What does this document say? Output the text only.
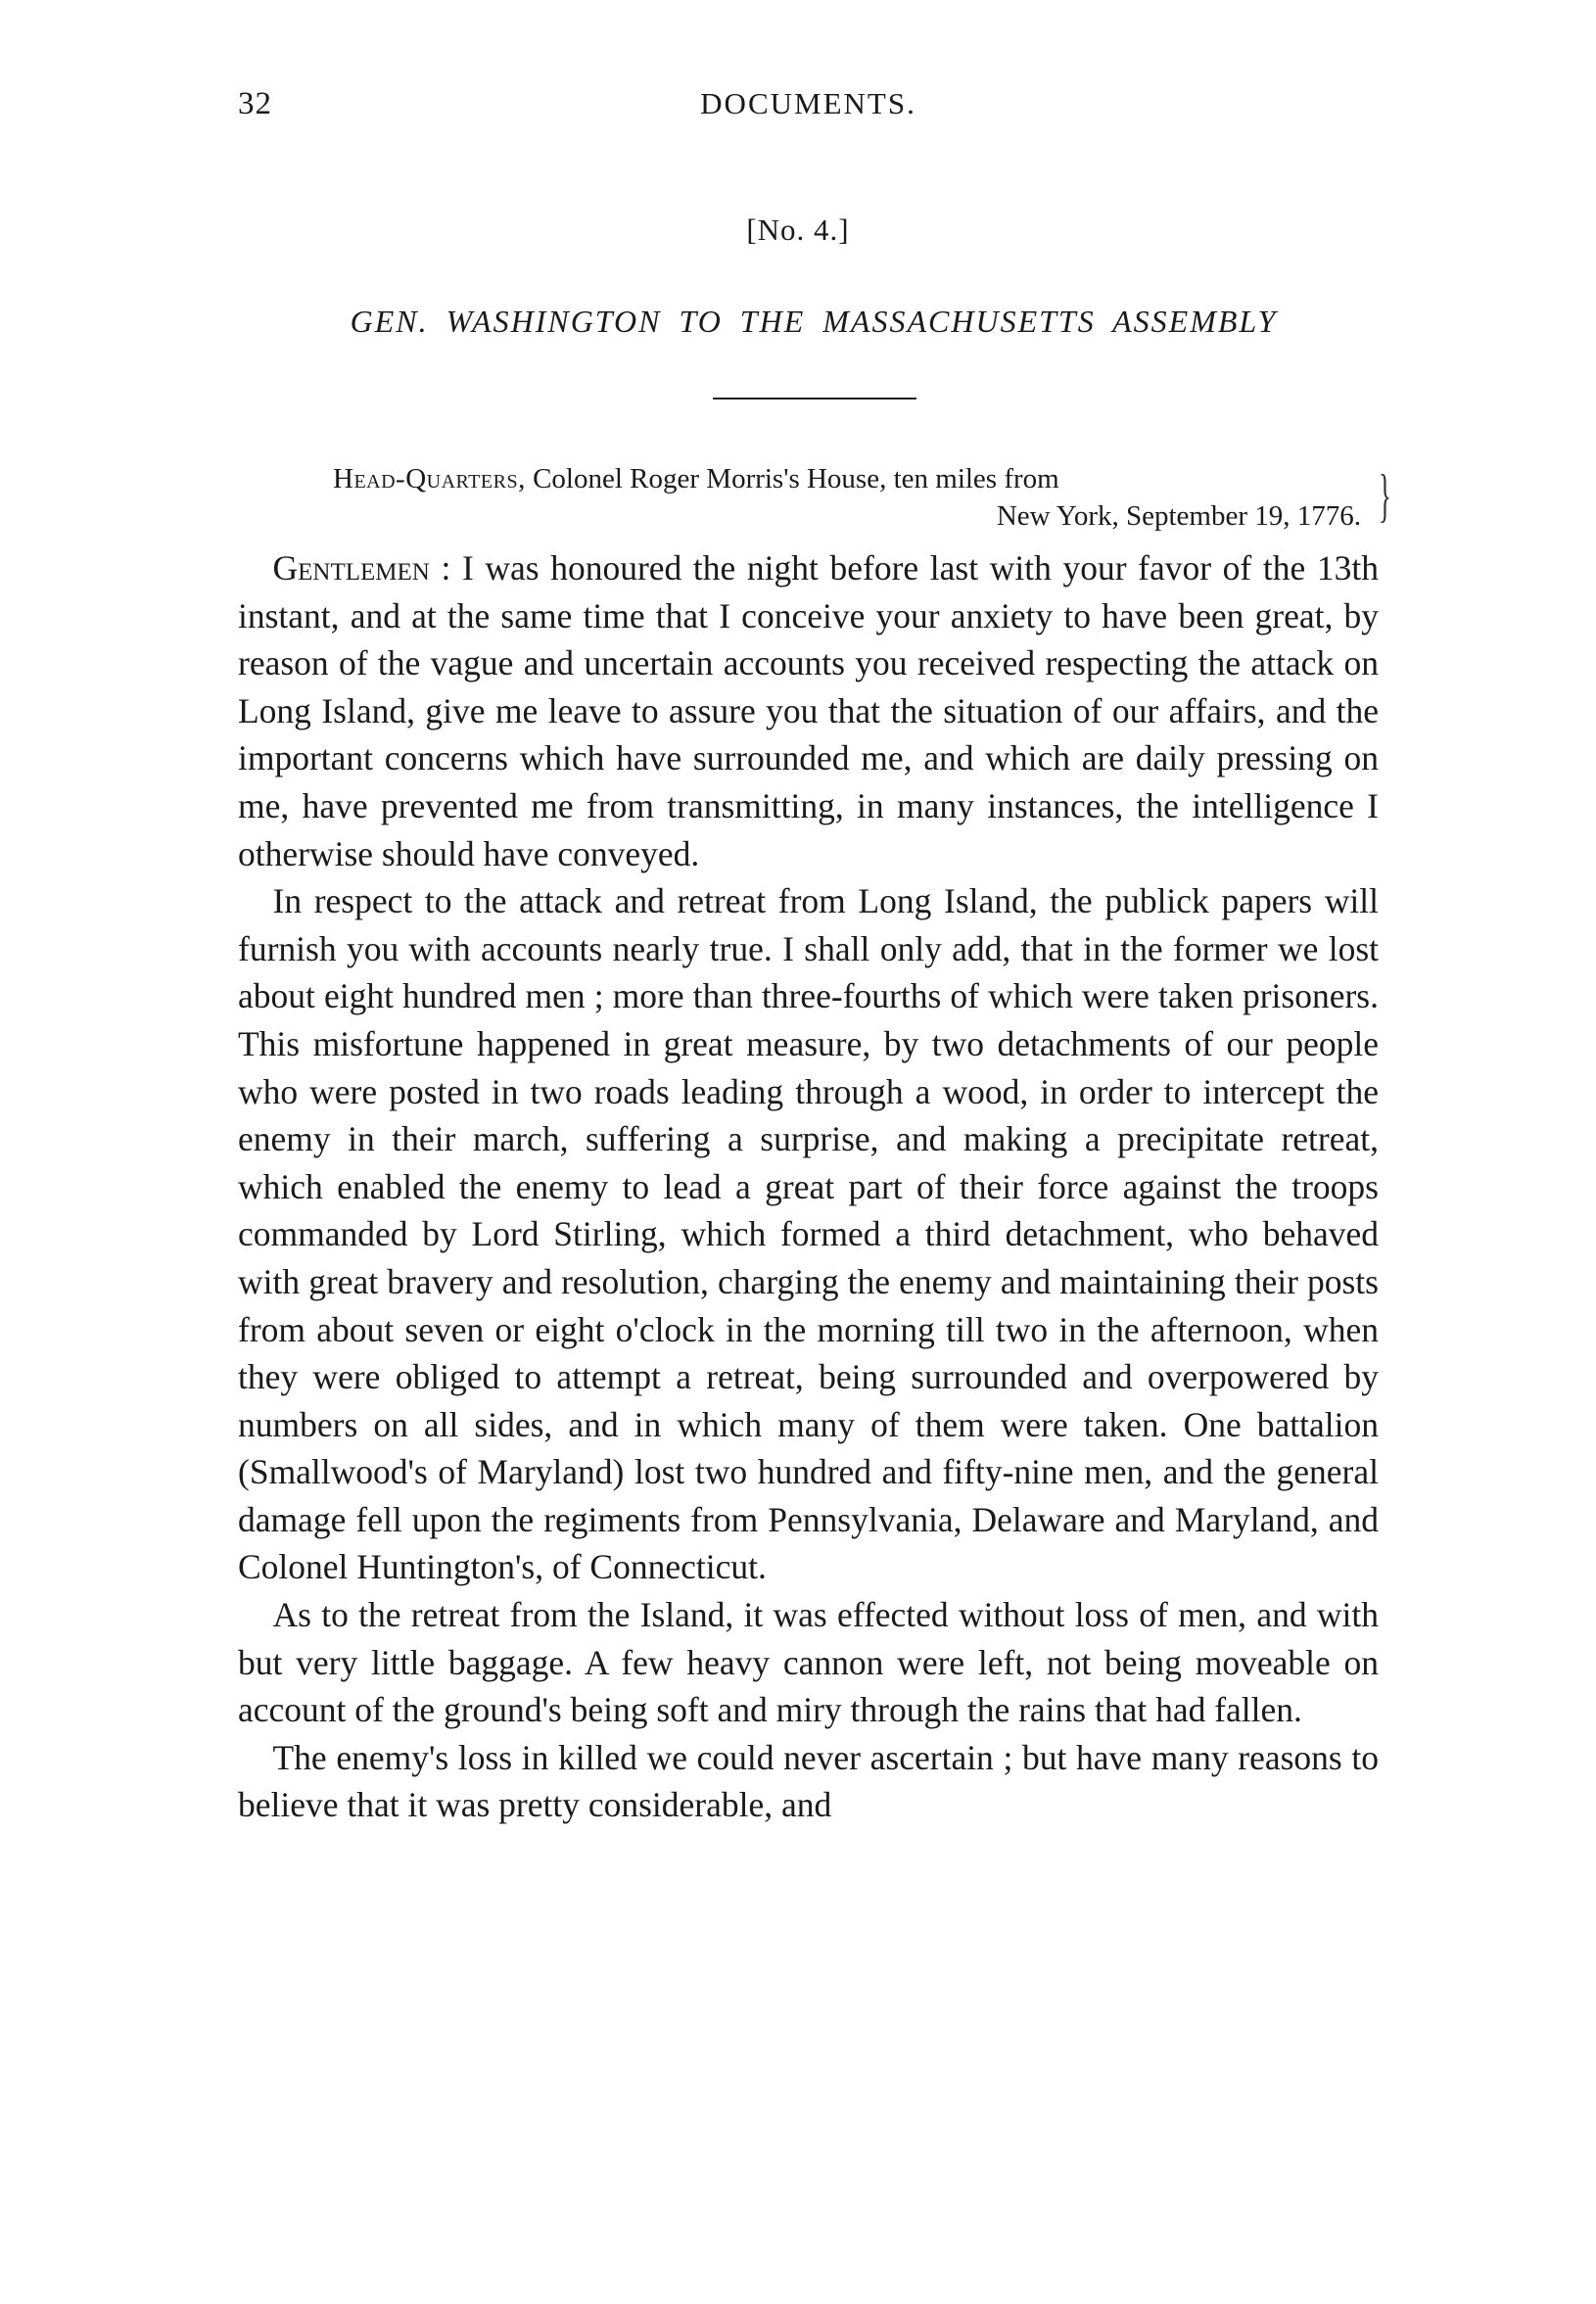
32	DOCUMENTS.
[No. 4.]
GEN. WASHINGTON TO THE MASSACHUSETTS ASSEMBLY
Head-Quarters, Colonel Roger Morris's House, ten miles from
New York, September 19, 1776. }

Gentlemen : I was honoured the night before last with your favor of the 13th instant, and at the same time that I conceive your anxiety to have been great, by reason of the vague and uncertain accounts you received respecting the attack on Long Island, give me leave to assure you that the situation of our affairs, and the important concerns which have surrounded me, and which are daily pressing on me, have prevented me from transmitting, in many instances, the intelligence I otherwise should have conveyed.

In respect to the attack and retreat from Long Island, the publick papers will furnish you with accounts nearly true. I shall only add, that in the former we lost about eight hundred men ; more than three-fourths of which were taken prisoners. This misfortune happened in great measure, by two detachments of our people who were posted in two roads leading through a wood, in order to intercept the enemy in their march, suffering a surprise, and making a precipitate retreat, which enabled the enemy to lead a great part of their force against the troops commanded by Lord Stirling, which formed a third detachment, who behaved with great bravery and resolution, charging the enemy and maintaining their posts from about seven or eight o'clock in the morning till two in the afternoon, when they were obliged to attempt a retreat, being surrounded and overpowered by numbers on all sides, and in which many of them were taken. One battalion (Smallwood's of Maryland) lost two hundred and fifty-nine men, and the general damage fell upon the regiments from Pennsylvania, Delaware and Maryland, and Colonel Huntington's, of Connecticut.

As to the retreat from the Island, it was effected without loss of men, and with but very little baggage. A few heavy cannon were left, not being moveable on account of the ground's being soft and miry through the rains that had fallen.

The enemy's loss in killed we could never ascertain ; but have many reasons to believe that it was pretty considerable, and
